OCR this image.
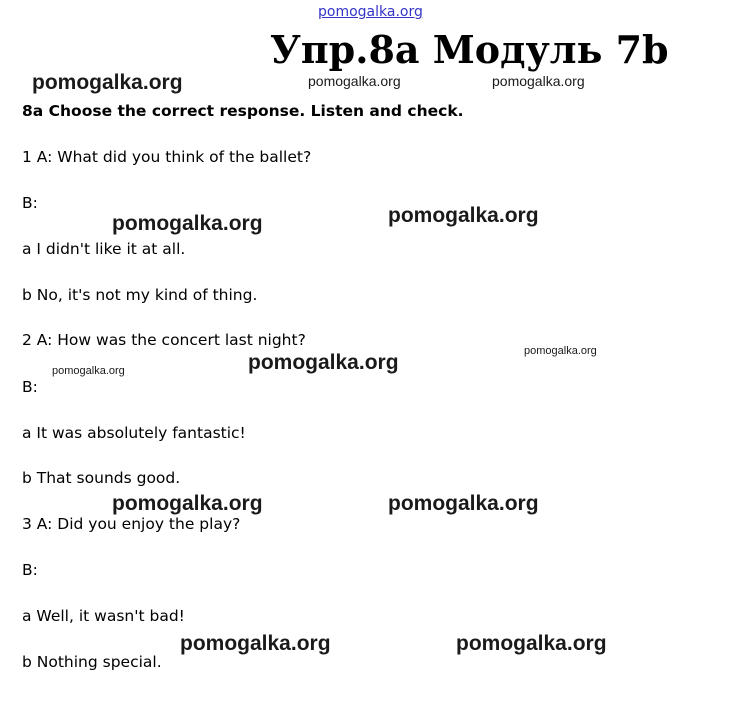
pomogalka.org
Упр.8a Модуль 7b
pomogalka.org	pomogalka.org	pomogalka.org
pomogalka.org	pomogalka.org
pomogalka.org
pomogalka.org
pomogalka.org
pomogalka.org	pomogalka.org
pomogalka.org	pomogalka.org
8a Choose the correct response. Listen and check.
1 A: What did you think of the ballet?
B:
a I didn't like it at all.
b No, it's not my kind of thing.
2 A: How was the concert last night?
B:
a It was absolutely fantastic!
b That sounds good.
3 A: Did you enjoy the play?
B:
a Well, it wasn't bad!
b Nothing special.
